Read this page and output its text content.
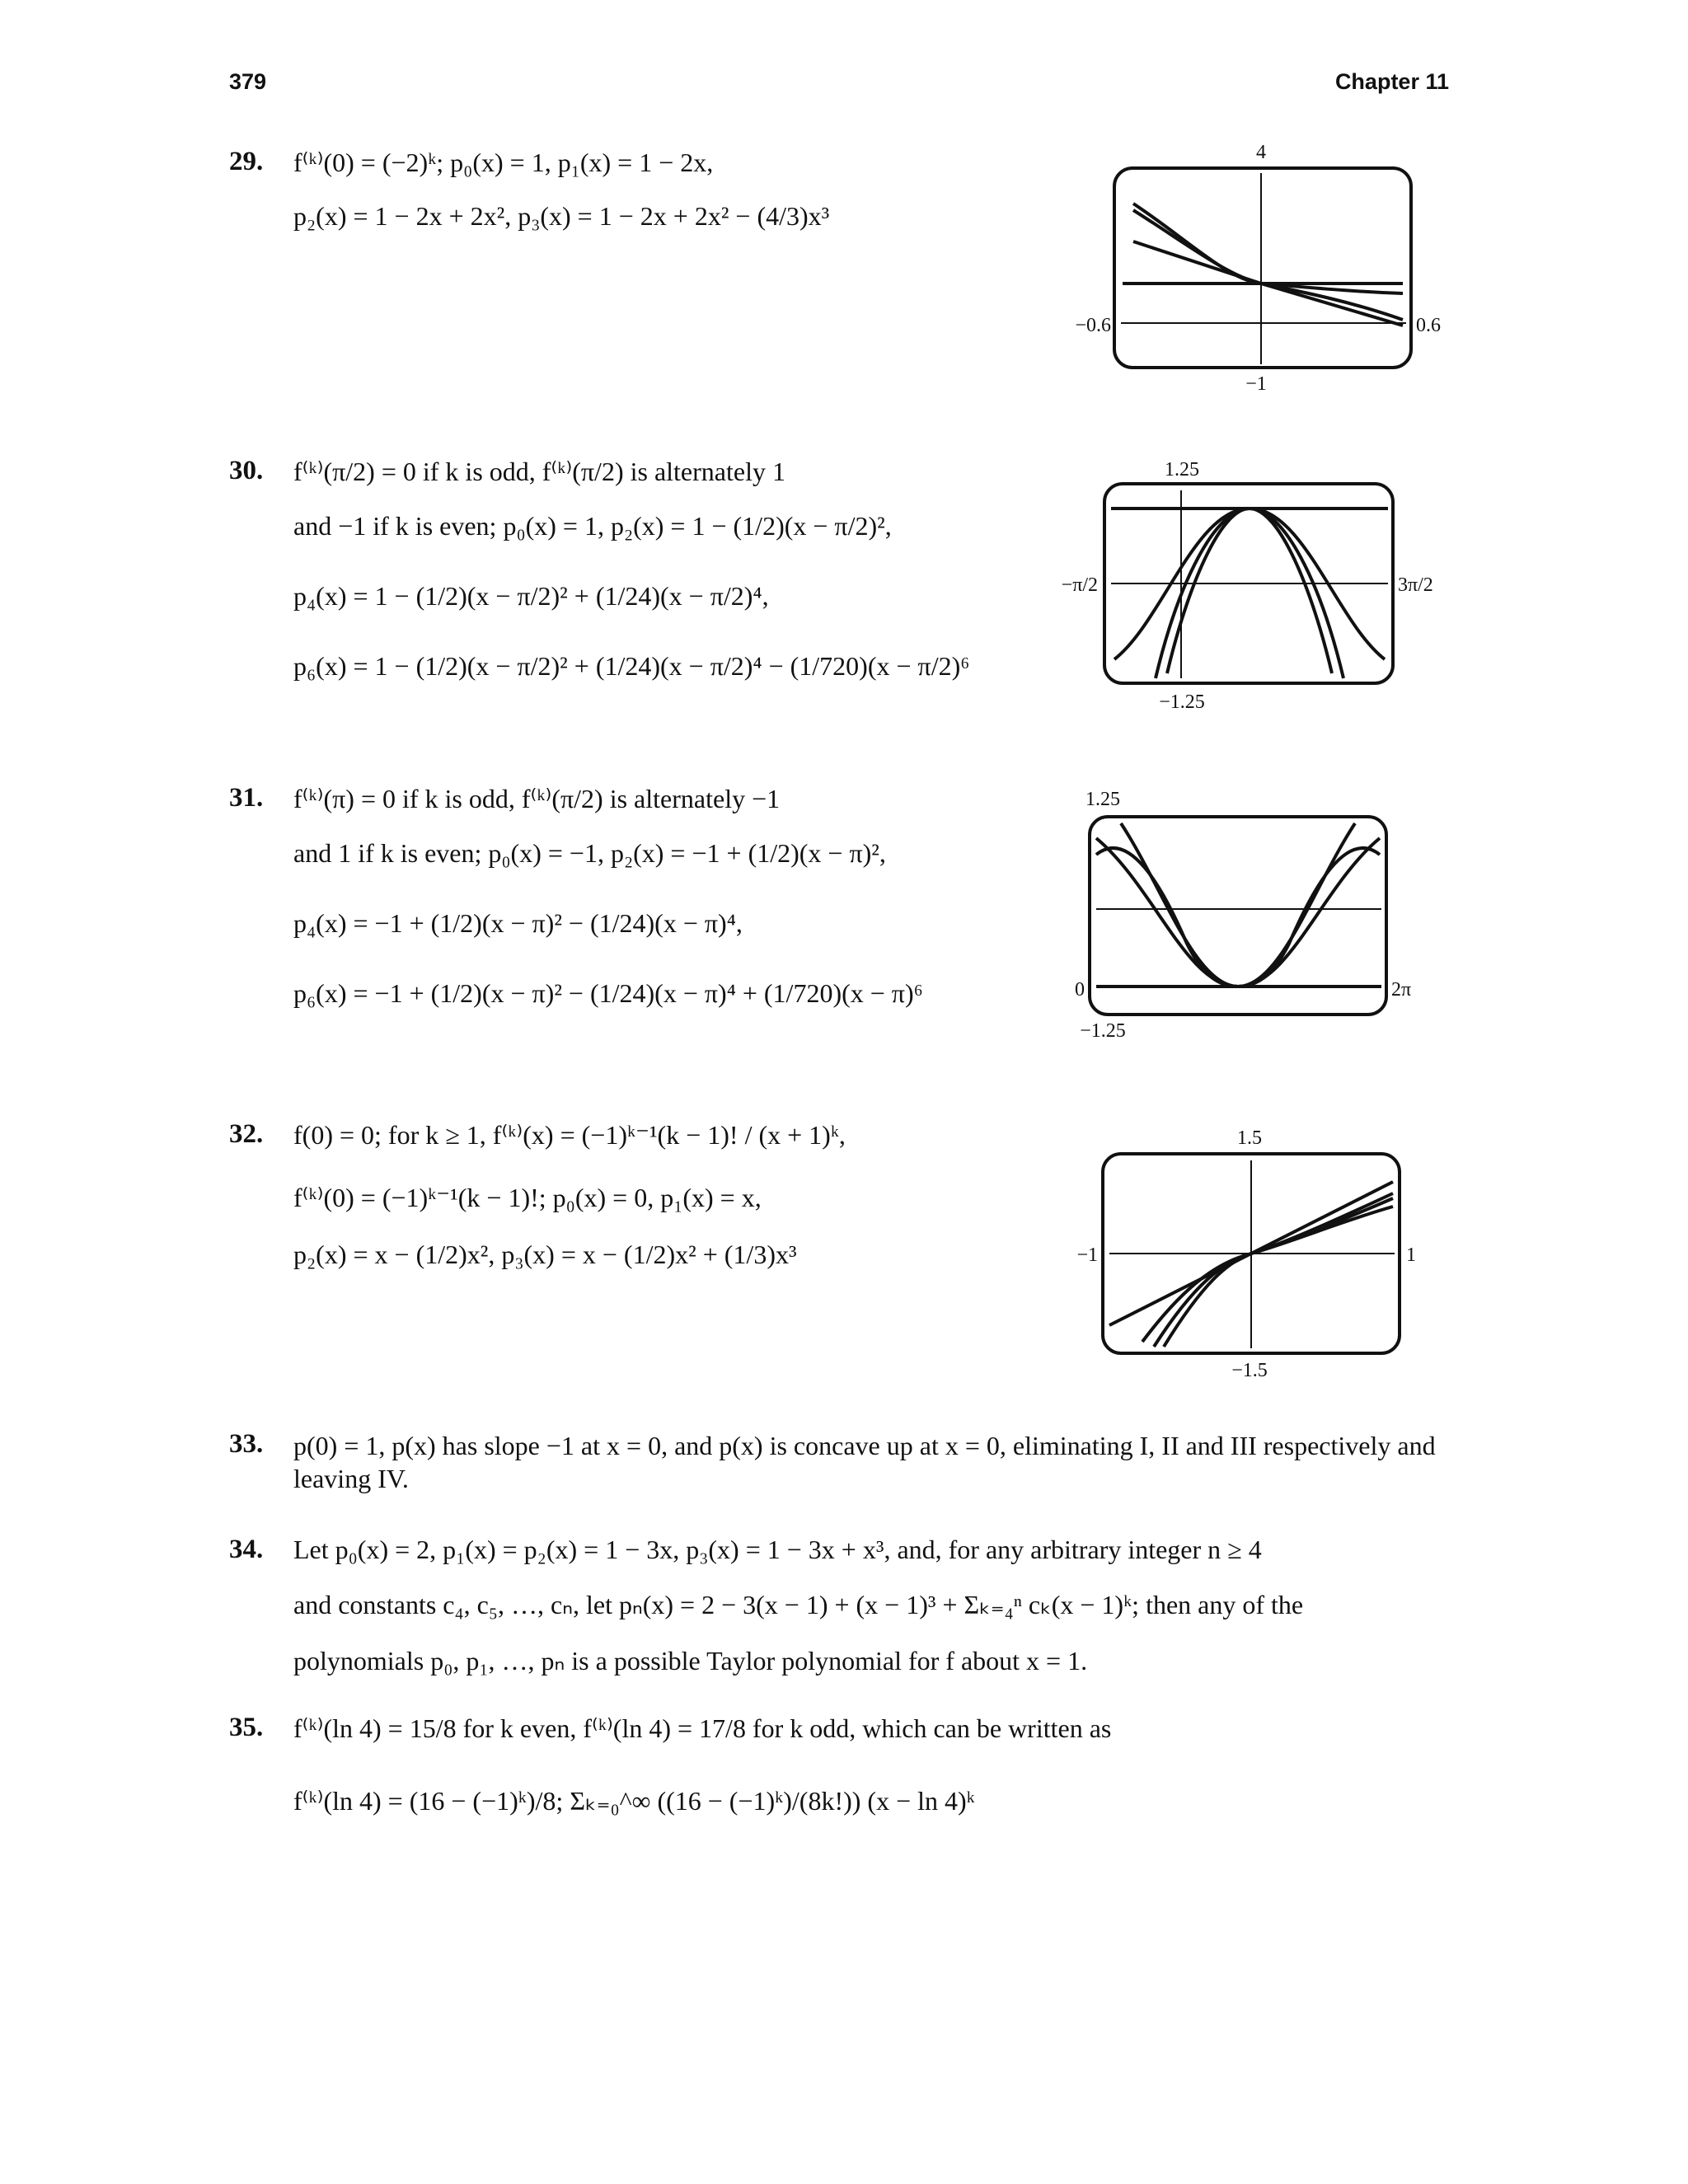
379	Chapter 11
29. f⁽ᵏ⁾(0) = (−2)ᵏ; p₀(x) = 1, p₁(x) = 1 − 2x,
p₂(x) = 1 − 2x + 2x², p₃(x) = 1 − 2x + 2x² − (4/3)x³
30. f⁽ᵏ⁾(π/2) = 0 if k is odd, f⁽ᵏ⁾(π/2) is alternately 1
and −1 if k is even; p₀(x) = 1, p₂(x) = 1 − (1/2)(x − π/2)²,
p₄(x) = 1 − (1/2)(x − π/2)² + (1/24)(x − π/2)⁴,
p₆(x) = 1 − (1/2)(x − π/2)² + (1/24)(x − π/2)⁴ − (1/720)(x − π/2)⁶
31. f⁽ᵏ⁾(π) = 0 if k is odd, f⁽ᵏ⁾(π/2) is alternately −1
and 1 if k is even; p₀(x) = −1, p₂(x) = −1 + (1/2)(x − π)²,
p₄(x) = −1 + (1/2)(x − π)² − (1/24)(x − π)⁴,
p₆(x) = −1 + (1/2)(x − π)² − (1/24)(x − π)⁴ + (1/720)(x − π)⁶
32. f(0) = 0; for k ≥ 1, f⁽ᵏ⁾(x) = (−1)ᵏ⁻¹(k − 1)! / (x + 1)ᵏ,
f⁽ᵏ⁾(0) = (−1)ᵏ⁻¹(k − 1)!; p₀(x) = 0, p₁(x) = x,
p₂(x) = x − (1/2)x², p₃(x) = x − (1/2)x² + (1/3)x³
33. p(0) = 1, p(x) has slope −1 at x = 0, and p(x) is concave up at x = 0, eliminating I, II and III respectively and leaving IV.
34. Let p₀(x) = 2, p₁(x) = p₂(x) = 1 − 3x, p₃(x) = 1 − 3x + x³, and, for any arbitrary integer n ≥ 4
and constants c₄, c₅, …, cₙ, let pₙ(x) = 2 − 3(x − 1) + (x − 1)³ + Σₖ₌₄ⁿ cₖ(x − 1)ᵏ; then any of the
polynomials p₀, p₁, …, pₙ is a possible Taylor polynomial for f about x = 1.
35. f⁽ᵏ⁾(ln 4) = 15/8 for k even, f⁽ᵏ⁾(ln 4) = 17/8 for k odd, which can be written as
f⁽ᵏ⁾(ln 4) = (16 − (−1)ᵏ)/8; Σₖ₌₀^∞ ((16 − (−1)ᵏ)/(8k!)) (x − ln 4)ᵏ
4
−0.6	0.6
−1
1.25
−π/2	3π/2
−1.25
1.25
0	2π
−1.25
1.5
−1	1
−1.5
